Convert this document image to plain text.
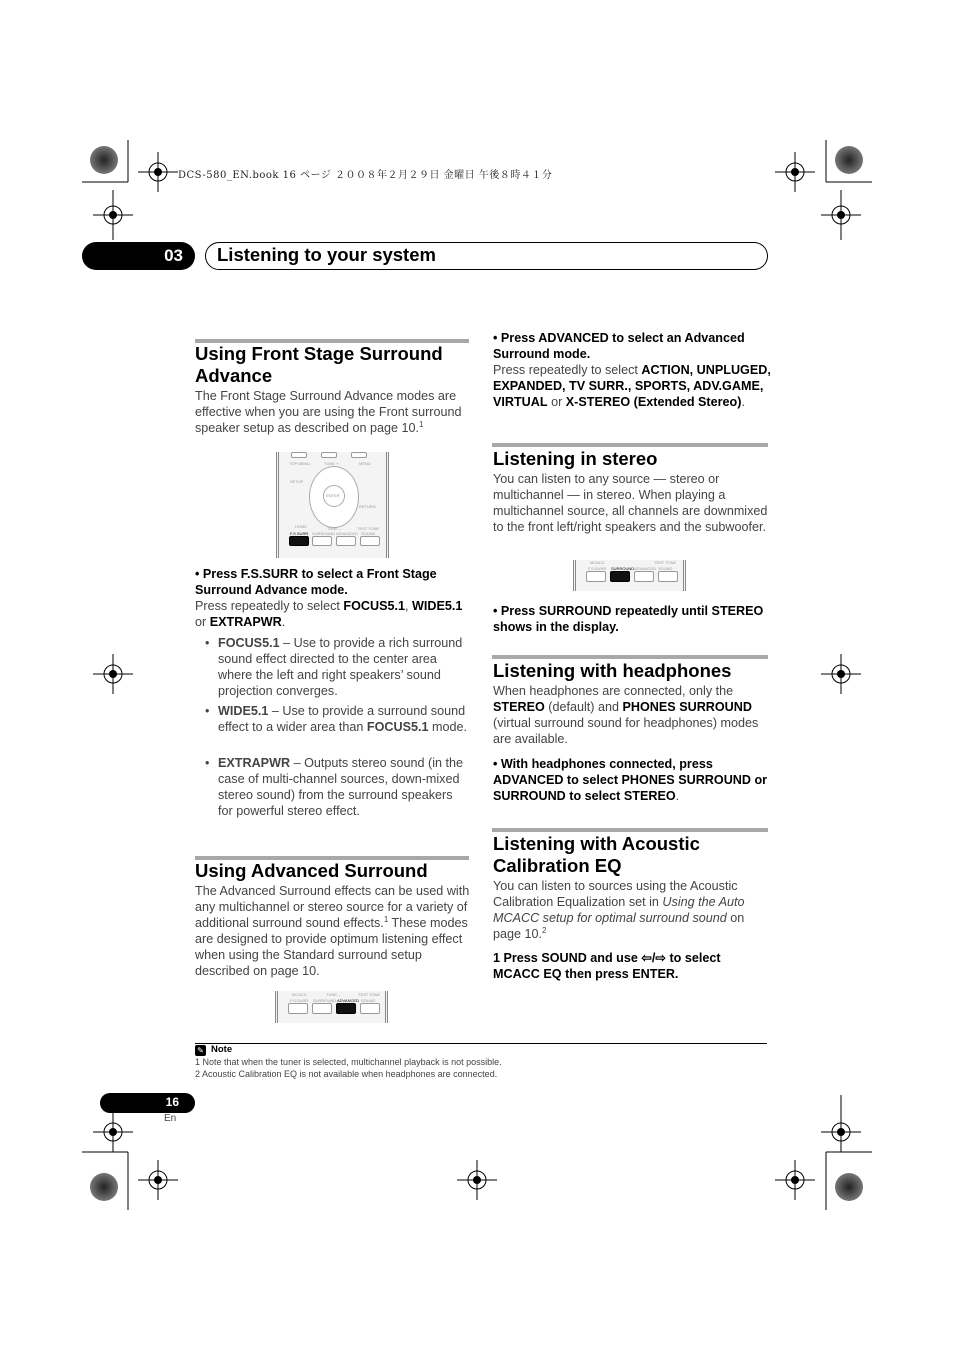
DCS-580_EN.book 16 ページ ２００８年２月２９日 金曜日 午後８時４１分
03 Listening to your system
Using Front Stage Surround Advance
The Front Stage Surround Advance modes are effective when you are using the Front surround speaker setup as described on page 10.$^1$
TOP MENU	TUNE +	MENU
ENTER
SETUP
RETURN
HOME	TUNE –	TEST TONE
F.S.SURR SURROUND ADVANCED SOUND
• Press F.S.SURR to select a Front Stage Surround Advance mode.
Press repeatedly to select FOCUS5.1, WIDE5.1 or EXTRAPWR.
• FOCUS5.1 – Use to provide a rich surround sound effect directed to the center area where the left and right speakers’ sound projection converges.
• WIDE5.1 – Use to provide a surround sound effect to a wider area than FOCUS5.1 mode.
• EXTRAPWR – Outputs stereo sound (in the case of multi-channel sources, down-mixed stereo sound) from the surround speakers for powerful stereo effect.
Using Advanced Surround
The Advanced Surround effects can be used with any multichannel or stereo source for a variety of additional surround sound effects.$^1$ These modes are designed to provide optimum listening effect when using the Standard surround setup described on page 10.
MCACC	TUNE –	TEST TONE
F.S.SURR SURROUND ADVANCED SOUND
• Press ADVANCED to select an Advanced Surround mode.
Press repeatedly to select ACTION, UNPLUGED, EXPANDED, TV SURR., SPORTS, ADV.GAME, VIRTUAL or X-STEREO (Extended Stereo).
Listening in stereo
You can listen to any source — stereo or multichannel — in stereo. When playing a multichannel source, all channels are downmixed to the front left/right speakers and the subwoofer.
MCACC	TEST TONE
F.S.SURR SURROUND ADVANCED SOUND
• Press SURROUND repeatedly until STEREO shows in the display.
Listening with headphones
When headphones are connected, only the STEREO (default) and PHONES SURROUND (virtual surround sound for headphones) modes are available.
• With headphones connected, press ADVANCED to select PHONES SURROUND or SURROUND to select STEREO.
Listening with Acoustic Calibration EQ
You can listen to sources using the Acoustic Calibration Equalization set in Using the Auto MCACC setup for optimal surround sound on page 10.$^2$
1 Press SOUND and use ⇦/⇨ to select MCACC EQ then press ENTER.
✎ Note
1 Note that when the tuner is selected, multichannel playback is not possible.
2 Acoustic Calibration EQ is not available when headphones are connected.
16
En
